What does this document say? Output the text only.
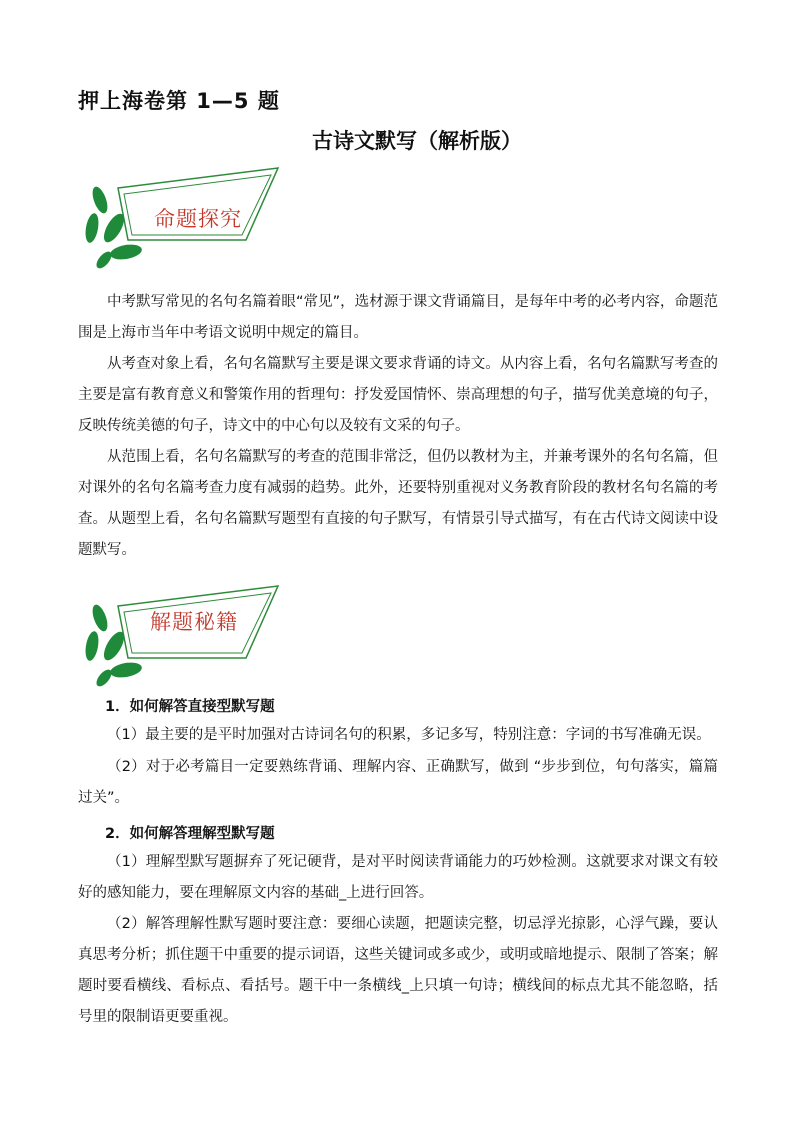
押上海卷第 1—5 题
古诗文默写（解析版）
命题探究
中考默写常见的名句名篇着眼“常见”，选材源于课文背诵篇目，是每年中考的必考内容，命题范围是上海市当年中考语文说明中规定的篇目。
从考查对象上看，名句名篇默写主要是课文要求背诵的诗文。从内容上看，名句名篇默写考查的主要是富有教育意义和警策作用的哲理句：抒发爱国情怀、崇高理想的句子，描写优美意境的句子，反映传统美德的句子，诗文中的中心句以及较有文采的句子。
从范围上看，名句名篇默写的考查的范围非常泛，但仍以教材为主，并兼考课外的名句名篇，但对课外的名句名篇考查力度有减弱的趋势。此外，还要特别重视对义务教育阶段的教材名句名篇的考查。 从题型上看，名句名篇默写题型有直接的句子默写，有情景引导式描写，有在古代诗文阅读中设题默写。
解题秘籍
1．如何解答直接型默写题
（1）最主要的是平时加强对古诗词名句的积累，多记多写，特别注意：字词的书写准确无误。
（2）对于必考篇目一定要熟练背诵、理解内容、正确默写，做到 “步步到位，句句落实，篇篇过关”。
2．如何解答理解型默写题
（1）理解型默写题摒弃了死记硬背，是对平时阅读背诵能力的巧妙检测。这就要求对课文有较好的感知能力，要在理解原文内容的基础_上进行回答。
（2）解答理解性默写题时要注意：要细心读题，把题读完整，切忌浮光掠影，心浮气躁，要认真思考分析；抓住题干中重要的提示词语，这些关键词或多或少，或明或暗地提示、限制了答案；解题时要看横线、看标点、看括号。题干中一条横线_上只填一句诗；横线间的标点尤其不能忽略，括号里的限制语更要重视。
